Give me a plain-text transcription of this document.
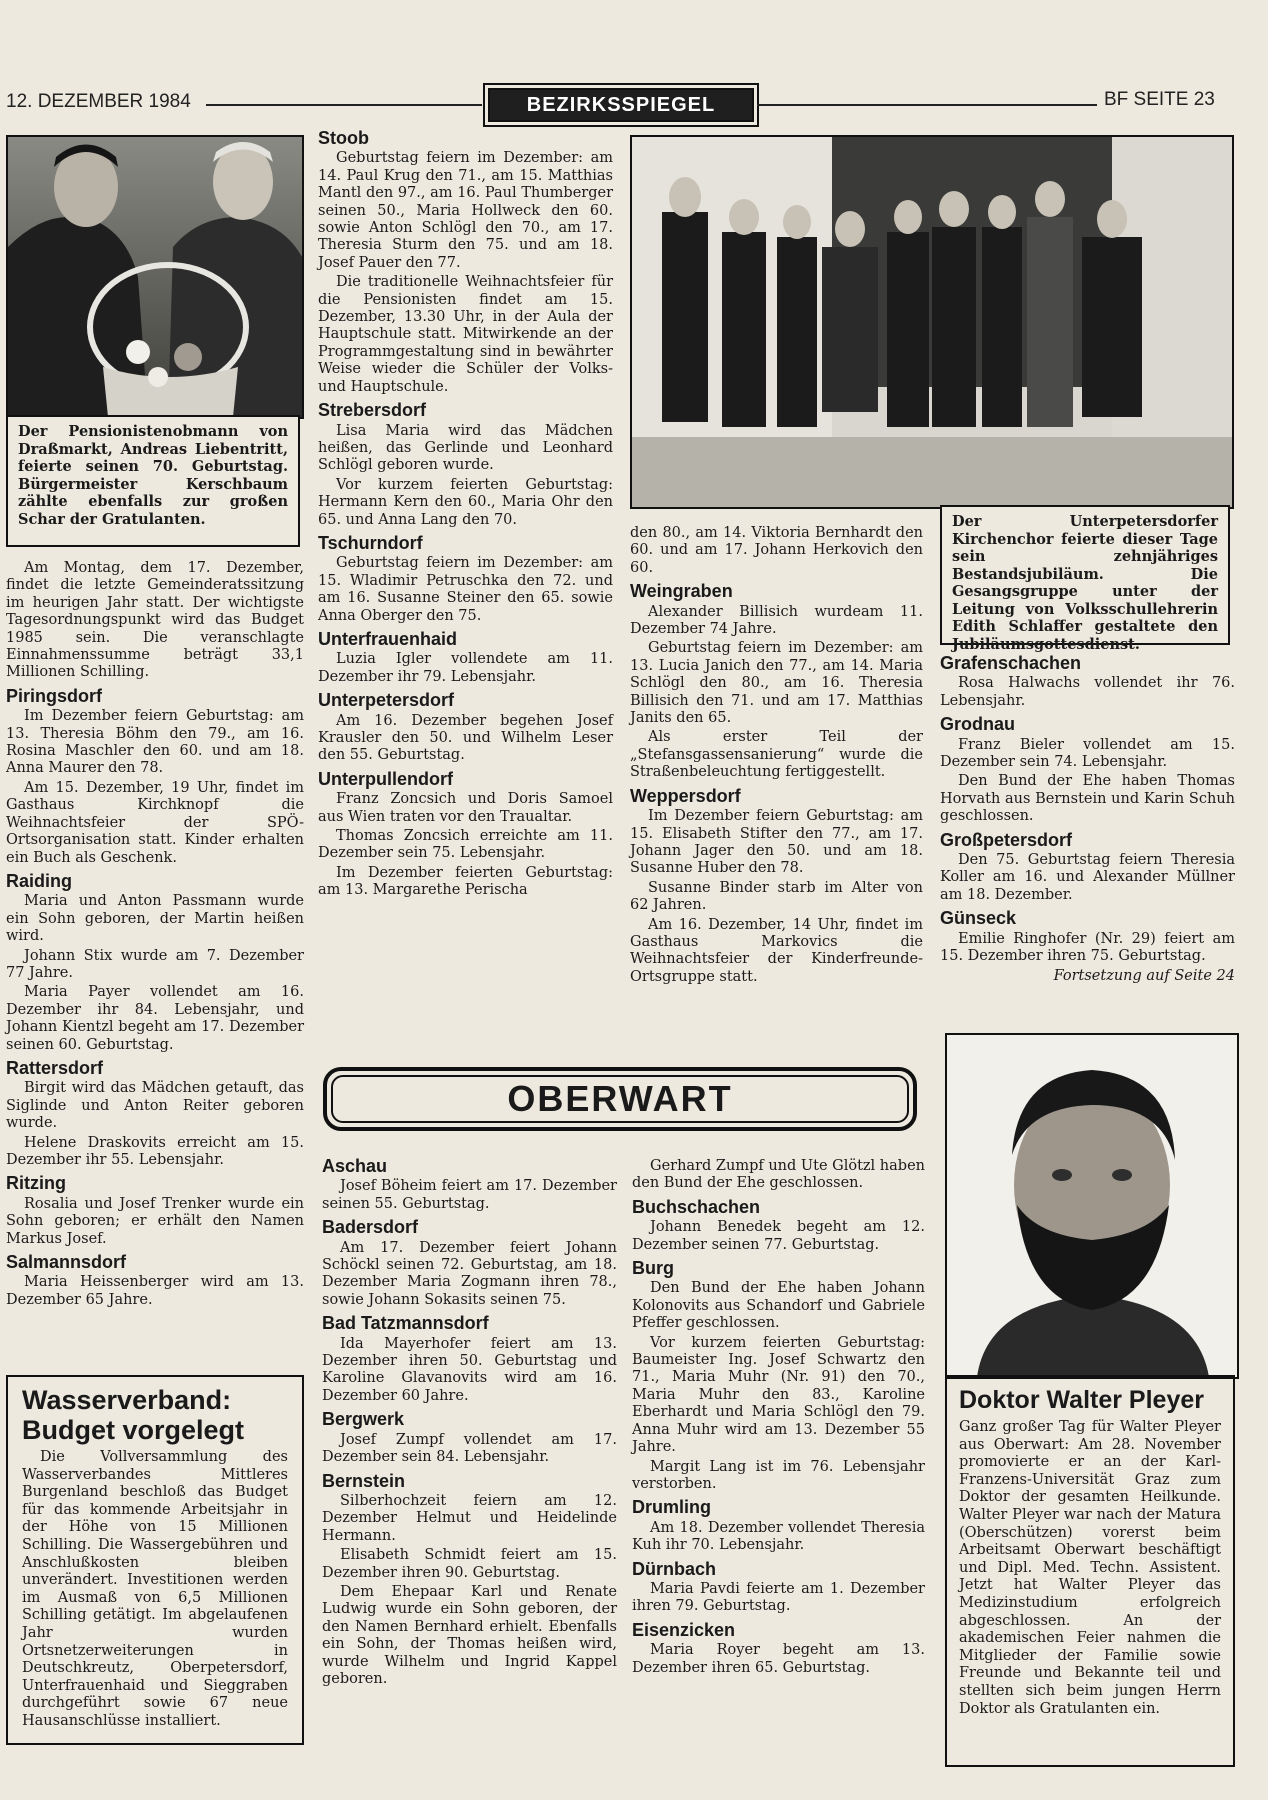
12. DEZEMBER 1984	BEZIRKSSPIEGEL	BF SEITE 23
Der Pensionistenobmann von Draßmarkt, Andreas Liebentritt, feierte seinen 70. Geburtstag. Bürgermeister Kerschbaum zählte ebenfalls zur großen Schar der Gratulanten.

Am Montag, dem 17. Dezember, findet die letzte Gemeinderatssitzung im heurigen Jahr statt. Der wichtigste Tagesordnungspunkt wird das Budget 1985 sein. Die veranschlagte Einnahmenssumme beträgt 33,1 Millionen Schilling.

Piringsdorf

Im Dezember feiern Geburtstag: am 13. Theresia Böhm den 79., am 16. Rosina Maschler den 60. und am 18. Anna Maurer den 78.

Am 15. Dezember, 19 Uhr, findet im Gasthaus Kirchknopf die Weihnachtsfeier der SPÖ-Ortsorganisation statt. Kinder erhalten ein Buch als Geschenk.

Raiding

Maria und Anton Passmann wurde ein Sohn geboren, der Martin heißen wird.

Johann Stix wurde am 7. Dezember 77 Jahre.

Maria Payer vollendet am 16. Dezember ihr 84. Lebensjahr, und Johann Kientzl begeht am 17. Dezember seinen 60. Geburtstag.

Rattersdorf

Birgit wird das Mädchen getauft, das Siglinde und Anton Reiter geboren wurde.

Helene Draskovits erreicht am 15. Dezember ihr 55. Lebensjahr.

Ritzing

Rosalia und Josef Trenker wurde ein Sohn geboren; er erhält den Namen Markus Josef.

Salmannsdorf

Maria Heissenberger wird am 13. Dezember 65 Jahre.

Wasserverband: Budget vorgelegt

Die Vollversammlung des Wasserverbandes Mittleres Burgenland beschloß das Budget für das kommende Arbeitsjahr in der Höhe von 15 Millionen Schilling. Die Wassergebühren und Anschlußkosten bleiben unverändert. Investitionen werden im Ausmaß von 6,5 Millionen Schilling getätigt. Im abgelaufenen Jahr wurden Ortsnetzerweiterungen in Deutschkreutz, Oberpetersdorf, Unterfrauenhaid und Sieggraben durchgeführt sowie 67 neue Hausanschlüsse installiert.

Stoob

Geburtstag feiern im Dezember: am 14. Paul Krug den 71., am 15. Matthias Mantl den 97., am 16. Paul Thumberger seinen 50., Maria Hollweck den 60. sowie Anton Schlögl den 70., am 17. Theresia Sturm den 75. und am 18. Josef Pauer den 77.

Die traditionelle Weihnachtsfeier für die Pensionisten findet am 15. Dezember, 13.30 Uhr, in der Aula der Hauptschule statt. Mitwirkende an der Programmgestaltung sind in bewährter Weise wieder die Schüler der Volks- und Hauptschule.

Strebersdorf

Lisa Maria wird das Mädchen heißen, das Gerlinde und Leonhard Schlögl geboren wurde.

Vor kurzem feierten Geburtstag: Hermann Kern den 60., Maria Ohr den 65. und Anna Lang den 70.

Tschurndorf

Geburtstag feiern im Dezember: am 15. Wladimir Petruschka den 72. und am 16. Susanne Steiner den 65. sowie Anna Oberger den 75.

Unterfrauenhaid

Luzia Igler vollendete am 11. Dezember ihr 79. Lebensjahr.

Unterpetersdorf

Am 16. Dezember begehen Josef Krausler den 50. und Wilhelm Leser den 55. Geburtstag.

Unterpullendorf

Franz Zoncsich und Doris Samoel aus Wien traten vor den Traualtar.

Thomas Zoncsich erreichte am 11. Dezember sein 75. Lebensjahr.

Im Dezember feierten Geburtstag: am 13. Margarethe Perischa

Der Unterpetersdorfer Kirchenchor feierte dieser Tage sein zehnjähriges Bestandsjubiläum. Die Gesangsgruppe unter der Leitung von Volksschullehrerin Edith Schlaffer gestaltete den Jubiläumsgottesdienst.

den 80., am 14. Viktoria Bernhardt den 60. und am 17. Johann Herkovich den 60.

Weingraben

Alexander Billisich wurdeam 11. Dezember 74 Jahre.

Geburtstag feiern im Dezember: am 13. Lucia Janich den 77., am 14. Maria Schlögl den 80., am 16. Theresia Billisich den 71. und am 17. Matthias Janits den 65.

Als erster Teil der „Stefansgassensanierung“ wurde die Straßenbeleuchtung fertiggestellt.

Weppersdorf

Im Dezember feiern Geburtstag: am 15. Elisabeth Stifter den 77., am 17. Johann Jager den 50. und am 18. Susanne Huber den 78.

Susanne Binder starb im Alter von 62 Jahren.

Am 16. Dezember, 14 Uhr, findet im Gasthaus Markovics die Weihnachtsfeier der Kinderfreunde-Ortsgruppe statt.

Grafenschachen

Rosa Halwachs vollendet ihr 76. Lebensjahr.

Grodnau

Franz Bieler vollendet am 15. Dezember sein 74. Lebensjahr.

Den Bund der Ehe haben Thomas Horvath aus Bernstein und Karin Schuh geschlossen.

Großpetersdorf

Den 75. Geburtstag feiern Theresia Koller am 16. und Alexander Müllner am 18. Dezember.

Günseck

Emilie Ringhofer (Nr. 29) feiert am 15. Dezember ihren 75. Geburtstag.

Fortsetzung auf Seite 24

Doktor Walter Pleyer

Ganz großer Tag für Walter Pleyer aus Oberwart: Am 28. November promovierte er an der Karl-Franzens-Universität Graz zum Doktor der gesamten Heilkunde. Walter Pleyer war nach der Matura (Oberschützen) vorerst beim Arbeitsamt Oberwart beschäftigt und Dipl. Med. Techn. Assistent. Jetzt hat Walter Pleyer das Medizinstudium erfolgreich abgeschlossen. An der akademischen Feier nahmen die Mitglieder der Familie sowie Freunde und Bekannte teil und stellten sich beim jungen Herrn Doktor als Gratulanten ein.

OBERWART
Aschau

Josef Böheim feiert am 17. Dezember seinen 55. Geburtstag.

Badersdorf

Am 17. Dezember feiert Johann Schöckl seinen 72. Geburtstag, am 18. Dezember Maria Zogmann ihren 78., sowie Johann Sokasits seinen 75.

Bad Tatzmannsdorf

Ida Mayerhofer feiert am 13. Dezember ihren 50. Geburtstag und Karoline Glavanovits wird am 16. Dezember 60 Jahre.

Bergwerk

Josef Zumpf vollendet am 17. Dezember sein 84. Lebensjahr.

Bernstein

Silberhochzeit feiern am 12. Dezember Helmut und Heidelinde Hermann.

Elisabeth Schmidt feiert am 15. Dezember ihren 90. Geburtstag.

Dem Ehepaar Karl und Renate Ludwig wurde ein Sohn geboren, der den Namen Bernhard erhielt. Ebenfalls ein Sohn, der Thomas heißen wird, wurde Wilhelm und Ingrid Kappel geboren.

Gerhard Zumpf und Ute Glötzl haben den Bund der Ehe geschlossen.

Buchschachen

Johann Benedek begeht am 12. Dezember seinen 77. Geburtstag.

Burg

Den Bund der Ehe haben Johann Kolonovits aus Schandorf und Gabriele Pfeffer geschlossen.

Vor kurzem feierten Geburtstag: Baumeister Ing. Josef Schwartz den 71., Maria Muhr (Nr. 91) den 70., Maria Muhr den 83., Karoline Eberhardt und Maria Schlögl den 79. Anna Muhr wird am 13. Dezember 55 Jahre.

Margit Lang ist im 76. Lebensjahr verstorben.

Drumling

Am 18. Dezember vollendet Theresia Kuh ihr 70. Lebensjahr.

Dürnbach

Maria Pavdi feierte am 1. Dezember ihren 79. Geburtstag.

Eisenzicken

Maria Royer begeht am 13. Dezember ihren 65. Geburtstag.
